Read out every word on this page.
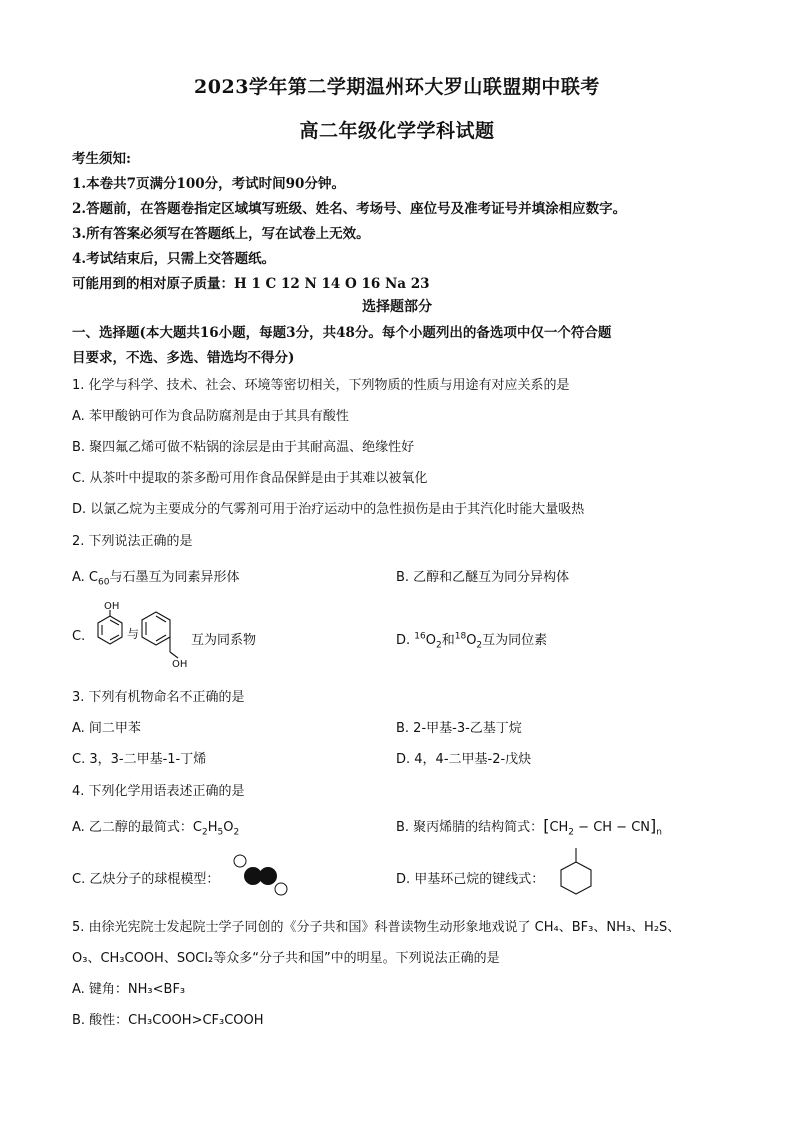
2023学年第二学期温州环大罗山联盟期中联考
高二年级化学学科试题
考生须知:
1.本卷共7页满分100分，考试时间90分钟。
2.答题前，在答题卷指定区域填写班级、姓名、考场号、座位号及准考证号并填涂相应数字。
3.所有答案必须写在答题纸上，写在试卷上无效。
4.考试结束后，只需上交答题纸。
可能用到的相对原子质量：H 1 C 12 N 14 O 16 Na 23
选择题部分
一、选择题(本大题共16小题，每题3分，共48分。每个小题列出的备选项中仅一个符合题
目要求，不选、多选、错选均不得分)
1. 化学与科学、技术、社会、环境等密切相关，下列物质的性质与用途有对应关系的是
A. 苯甲酸钠可作为食品防腐剂是由于其具有酸性
B. 聚四氟乙烯可做不粘锅的涂层是由于其耐高温、绝缘性好
C. 从茶叶中提取的茶多酚可用作食品保鲜是由于其难以被氧化
D. 以氯乙烷为主要成分的气雾剂可用于治疗运动中的急性损伤是由于其汽化时能大量吸热
2. 下列说法正确的是
A. $C_{60}$与石墨互为同素异形体	B. 乙醇和乙醚互为同分异构体
C.
OH
与
OH
互为同系物	D. $^{16}O_2$和$^{18}O_2$互为同位素
3. 下列有机物命名不正确的是
A. 间二甲苯	B. 2-甲基-3-乙基丁烷
C. 3，3-二甲基-1-丁烯	D. 4，4-二甲基-2-戊炔
4. 下列化学用语表述正确的是
A. 乙二醇的最简式：$C_2H_5O_2$	B. 聚丙烯腈的结构简式：[$CH_2$ − CH − $CN]_n$
C. 乙炔分子的球棍模型：	D. 甲基环己烷的键线式：
5. 由徐光宪院士发起院士学子同创的《分子共和国》科普读物生动形象地戏说了 CH₄、BF₃、NH₃、H₂S、
O₃、CH₃COOH、SOCl₂等众多“分子共和国”中的明星。下列说法正确的是
A. 键角：NH₃<BF₃
B. 酸性：CH₃COOH>CF₃COOH
